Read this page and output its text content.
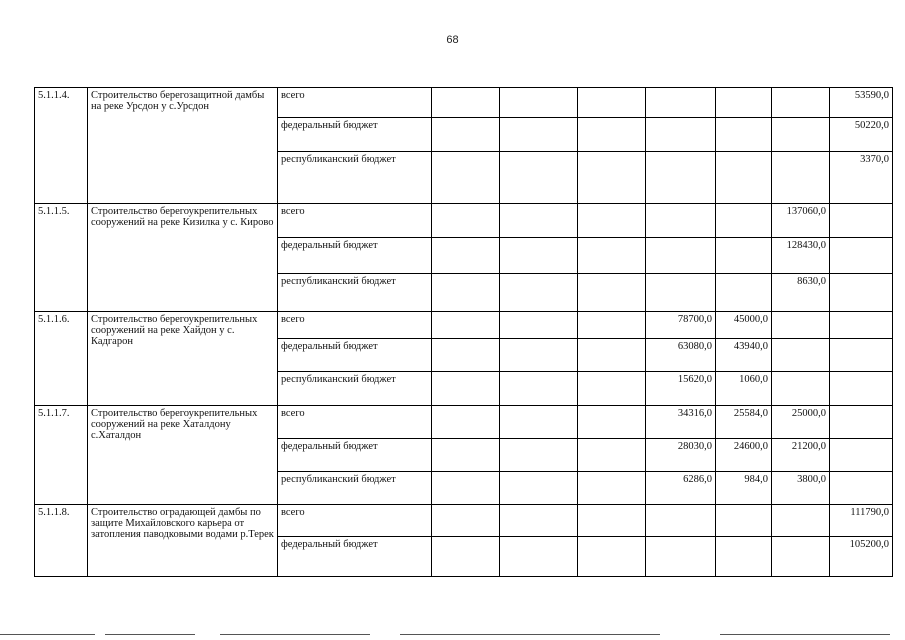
68
5.1.1.4.	Строительство берегозащитной дамбы на реке Урсдон у с.Урсдон	всего							53590,0
		федеральный бюджет							50220,0
		республиканский бюджет							3370,0
5.1.1.5.	Строительство берегоукрепительных сооружений на реке Кизилка у с. Кирово	всего						137060,0	
		федеральный бюджет						128430,0	
		республиканский бюджет						8630,0	
5.1.1.6.	Строительство берегоукрепительных сооружений на реке Хайдон у с. Кадгарон	всего				78700,0	45000,0		
		федеральный бюджет				63080,0	43940,0		
		республиканский бюджет				15620,0	1060,0		
5.1.1.7.	Строительство берегоукрепительных сооружений на реке Хаталдону с.Хаталдон	всего				34316,0	25584,0	25000,0	
		федеральный бюджет				28030,0	24600,0	21200,0	
		республиканский бюджет				6286,0	984,0	3800,0	
5.1.1.8.	Строительство оградающей дамбы по защите Михайловского карьера от затопления паводковыми водами р.Терек	всего							111790,0
		федеральный бюджет							105200,0
